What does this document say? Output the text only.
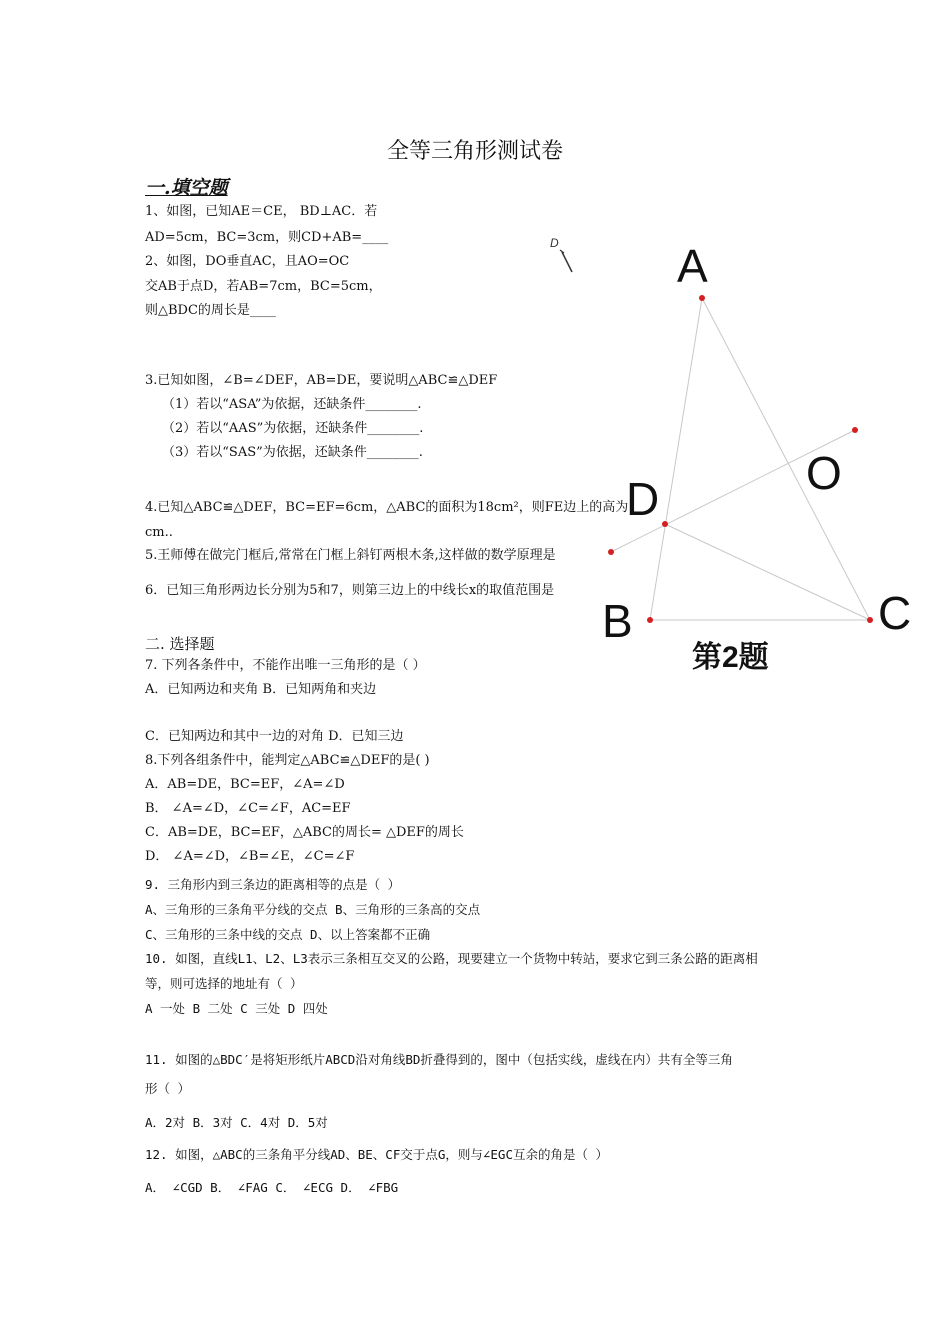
全等三角形测试卷
一.填空题
1、如图，已知AE＝CE， BD⊥AC．若
AD=5cm，BC=3cm，则CD+AB=____
2、如图，DO垂直AC，且AO=OC
交AB于点D，若AB=7cm，BC=5cm，
则△BDC的周长是____
3.已知如图，∠B=∠DEF，AB=DE，要说明△ABC≌△DEF
（1）若以“ASA”为依据，还缺条件________.
（2）若以“AAS”为依据，还缺条件________.
（3）若以“SAS”为依据，还缺条件________.
4.已知△ABC≌△DEF，BC=EF=6cm，△ABC的面积为18cm²，则FE边上的高为
cm..
5.王师傅在做完门框后,常常在门框上斜钉两根木条,这样做的数学原理是
6．已知三角形两边长分别为5和7，则第三边上的中线长x的取值范围是
二. 选择题
7. 下列各条件中，不能作出唯一三角形的是（ ）
A．已知两边和夹角 B．已知两角和夹边
C．已知两边和其中一边的对角 D．已知三边
8.下列各组条件中，能判定△ABC≌△DEF的是( )
A．AB=DE，BC=EF，∠A=∠D
B． ∠A=∠D，∠C=∠F，AC=EF
C．AB=DE，BC=EF，△ABC的周长= △DEF的周长
D． ∠A=∠D，∠B=∠E，∠C=∠F
9. 三角形内到三条边的距离相等的点是（ ）
A、三角形的三条角平分线的交点 B、三角形的三条高的交点
C、三角形的三条中线的交点 D、以上答案都不正确
10. 如图，直线L1、L2、L3表示三条相互交叉的公路，现要建立一个货物中转站，要求它到三条公路的距离相
等，则可选择的地址有（ ）
A 一处 B 二处 C 三处 D 四处
11. 如图的△BDC′是将矩形纸片ABCD沿对角线BD折叠得到的，图中（包括实线，虚线在内）共有全等三角
形（ ）
A．2对 B．3对 C．4对 D．5对
12. 如图，△ABC的三条角平分线AD、BE、CF交于点G，则与∠EGC互余的角是（ ）
A． ∠CGD B． ∠FAG C． ∠ECG D． ∠FBG
D	A
O
D
B	C
第2题
